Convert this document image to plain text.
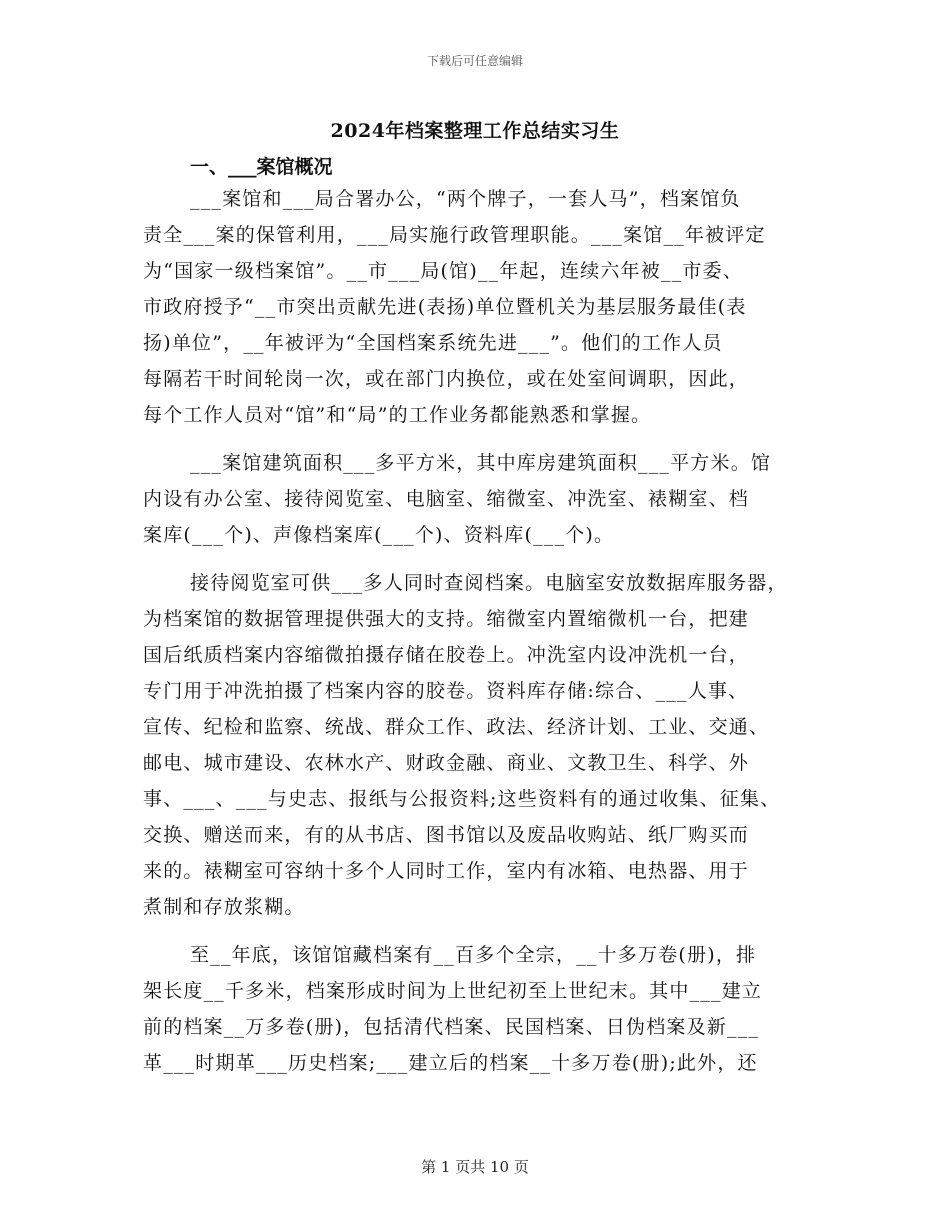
下载后可任意编辑
2024年档案整理工作总结实习生
一、___案馆概况
___案馆和___局合署办公，“两个牌子，一套人马”，档案馆负
责全___案的保管利用，___局实施行政管理职能。___案馆__年被评定
为“国家一级档案馆”。__市___局(馆)__年起，连续六年被__市委、
市政府授予“__市突出贡献先进(表扬)单位暨机关为基层服务最佳(表
扬)单位”，__年被评为“全国档案系统先进___”。他们的工作人员
每隔若干时间轮岗一次，或在部门内换位，或在处室间调职，因此，
每个工作人员对“馆”和“局”的工作业务都能熟悉和掌握。
___案馆建筑面积___多平方米，其中库房建筑面积___平方米。馆
内设有办公室、接待阅览室、电脑室、缩微室、冲洗室、裱糊室、档
案库(___个)、声像档案库(___个)、资料库(___个)。
接待阅览室可供___多人同时查阅档案。电脑室安放数据库服务器，
为档案馆的数据管理提供强大的支持。缩微室内置缩微机一台，把建
国后纸质档案内容缩微拍摄存储在胶卷上。冲洗室内设冲洗机一台，
专门用于冲洗拍摄了档案内容的胶卷。资料库存储:综合、___人事、
宣传、纪检和监察、统战、群众工作、政法、经济计划、工业、交通、
邮电、城市建设、农林水产、财政金融、商业、文教卫生、科学、外
事、___、___与史志、报纸与公报资料;这些资料有的通过收集、征集、
交换、赠送而来，有的从书店、图书馆以及废品收购站、纸厂购买而
来的。裱糊室可容纳十多个人同时工作，室内有冰箱、电热器、用于
煮制和存放浆糊。
至__年底，该馆馆藏档案有__百多个全宗，__十多万卷(册)，排
架长度__千多米，档案形成时间为上世纪初至上世纪末。其中___建立
前的档案__万多卷(册)，包括清代档案、民国档案、日伪档案及新___
革___时期革___历史档案;___建立后的档案__十多万卷(册);此外，还
第 1 页共 10 页
